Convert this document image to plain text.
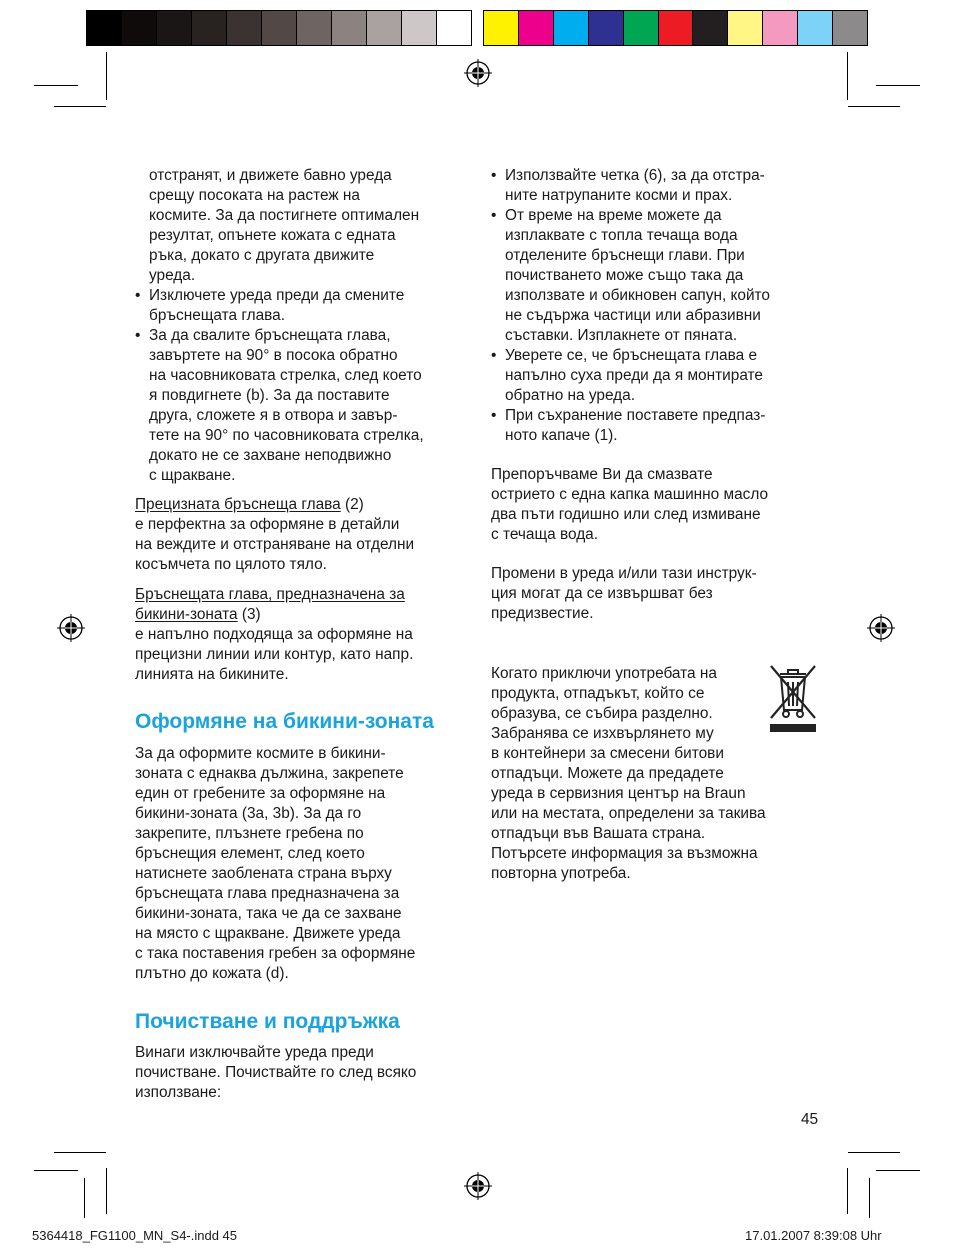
отстранят, и движете бавно уреда
срещу посоката на растеж на
космите. За да постигнете оптимален
резултат, опънете кожата с едната
ръка, докато с другата движите
уреда.

• Изключете уреда преди да смените
бръснещата глава.

• За да свалите бръснещата глава,
завъртете на 90° в посока обратно
на часовниковата стрелка, след което
я повдигнете (b). За да поставите
друга, сложете я в отвора и завър-
тете на 90° по часовниковата стрелка,
докато не се захване неподвижно
с щракване.

Прецизната бръснеща глава (2)

е перфектна за оформяне в детайли
на веждите и отстраняване на отделни
косъмчета по цялото тяло.

Бръснещата глава, предназначена за
бикини-зоната (3)

е напълно подходяща за оформяне на
прецизни линии или контур, като напр.
линията на бикините.

Оформяне на бикини-зоната

За да оформите космите в бикини-
зоната с еднаква дължина, закрепете
един от гребените за оформяне на
бикини-зоната (3a, 3b). За да го
закрепите, плъзнете гребена по
бръснещия елемент, след което
натиснете заоблената страна върху
бръснещата глава предназначена за
бикини-зоната, така че да се захване
на място с щракване. Движете уреда
с така поставения гребен за оформяне
плътно до кожата (d).

Почистване и поддръжка

Винаги изключвайте уреда преди
почистване. Почиствайте го след всяко
използване:

• Използвайте четка (6), за да отстра-
ните натрупаните косми и прах.

• От време на време можете да
изплаквате с топла течаща вода
отделените бръснещи глави. При
почистването може също така да
използвате и обикновен сапун, който
не съдържа частици или абразивни
съставки. Изплакнете от пяната.

• Уверете се, че бръснещата глава е
напълно суха преди да я монтирате
обратно на уреда.

• При съхранение поставете предпаз-
ното капаче (1).

Препоръчваме Ви да смазвате
острието с една капка машинно масло
два пъти годишно или след измиване
с течаща вода.

Промени в уреда и/или тази инструк-
ция могат да се извършват без
предизвестие.

Когато приключи употребата на
продукта, отпадъкът, който се
образува, се събира разделно.
Забранява се изхвърлянето му
в контейнери за смесени битови
отпадъци. Можете да предадете
уреда в сервизния център на Braun
или на местата, определени за такива
отпадъци във Вашата страна.
Потърсете информация за възможна
повторна употреба.

45
5364418_FG1100_MN_S4-.indd 45	17.01.2007 8:39:08 Uhr
